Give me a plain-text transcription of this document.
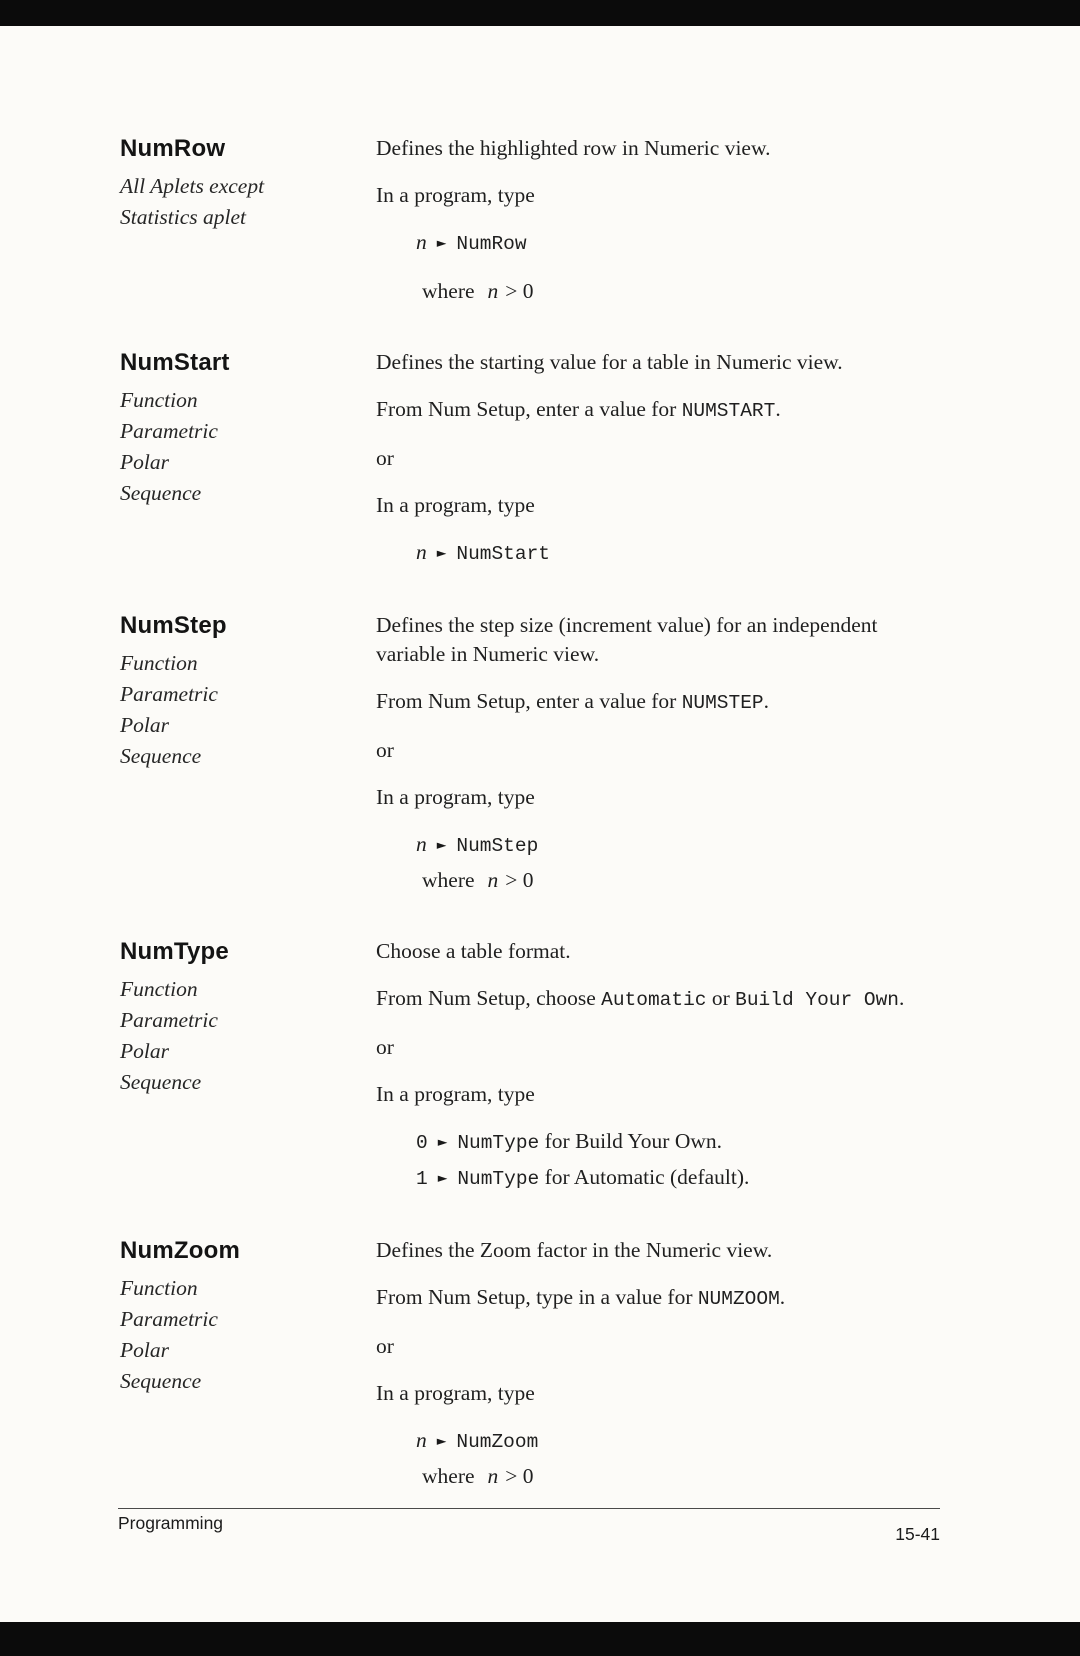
NumRow
All Aplets except
Statistics aplet

Defines the highlighted row in Numeric view.

In a program, type

n ► NumRow

where n > 0

NumStart
Function
Parametric
Polar
Sequence

Defines the starting value for a table in Numeric view.

From Num Setup, enter a value for NUMSTART.

or

In a program, type

n ► NumStart

NumStep
Function
Parametric
Polar
Sequence

Defines the step size (increment value) for an independent variable in Numeric view.

From Num Setup, enter a value for NUMSTEP.

or

In a program, type

n ► NumStep

where n > 0

NumType
Function
Parametric
Polar
Sequence

Choose a table format.

From Num Setup, choose Automatic or Build Your Own.

or

In a program, type

0 ► NumType for Build Your Own.

1 ► NumType for Automatic (default).

NumZoom
Function
Parametric
Polar
Sequence

Defines the Zoom factor in the Numeric view.

From Num Setup, type in a value for NUMZOOM.

or

In a program, type

n ► NumZoom

where n > 0

Programming
15-41
